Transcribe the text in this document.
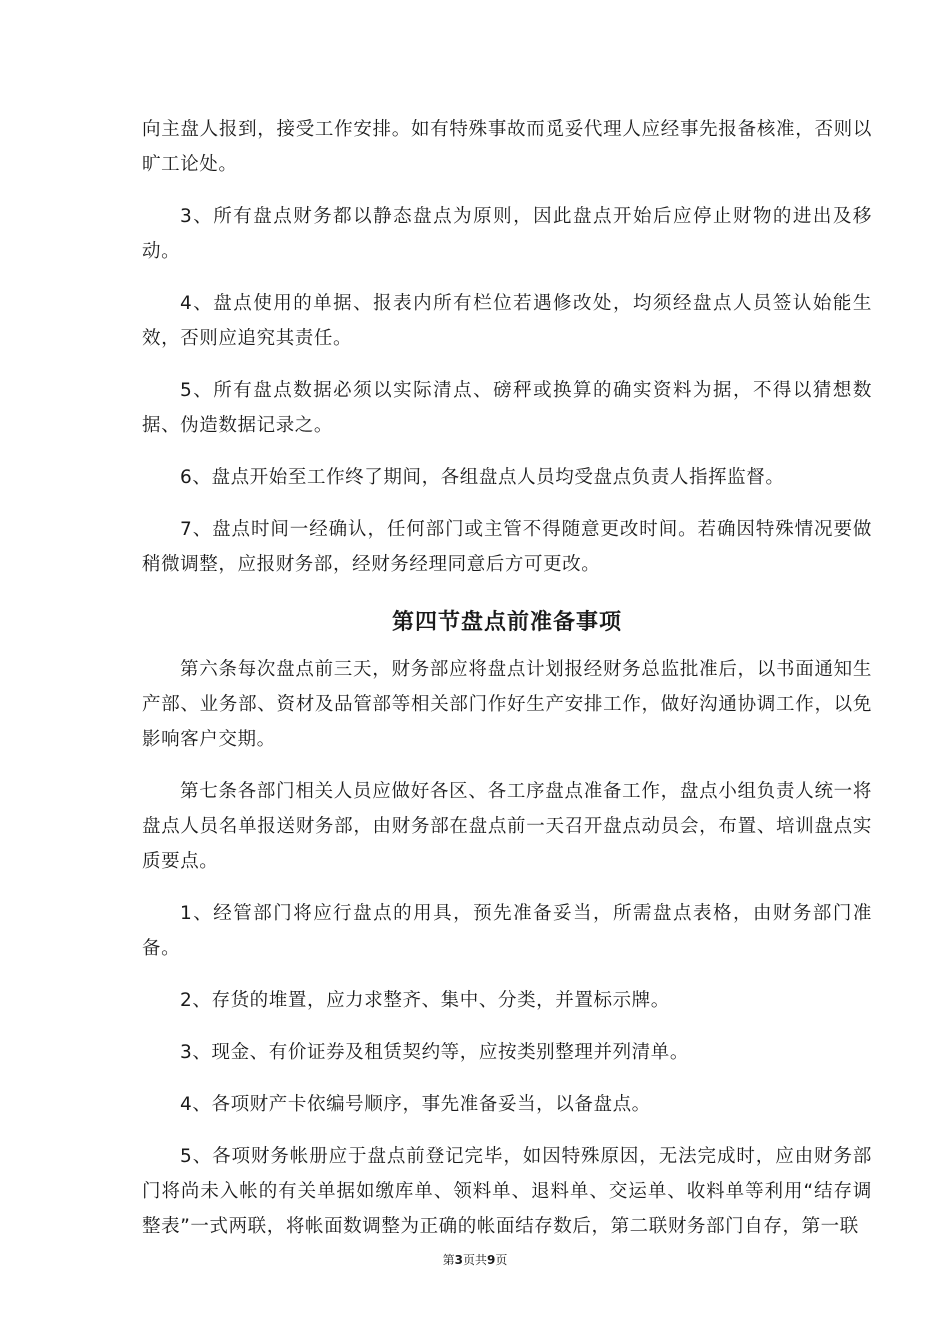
向主盘人报到，接受工作安排。如有特殊事故而觅妥代理人应经事先报备核准，否则以旷工论处。

3、所有盘点财务都以静态盘点为原则，因此盘点开始后应停止财物的进出及移动。

4、盘点使用的单据、报表内所有栏位若遇修改处，均须经盘点人员签认始能生效，否则应追究其责任。

5、所有盘点数据必须以实际清点、磅秤或换算的确实资料为据，不得以猜想数据、伪造数据记录之。

6、盘点开始至工作终了期间，各组盘点人员均受盘点负责人指挥监督。

7、盘点时间一经确认，任何部门或主管不得随意更改时间。若确因特殊情况要做稍微调整，应报财务部，经财务经理同意后方可更改。

第四节盘点前准备事项

第六条每次盘点前三天，财务部应将盘点计划报经财务总监批准后，以书面通知生产部、业务部、资材及品管部等相关部门作好生产安排工作，做好沟通协调工作，以免影响客户交期。

第七条各部门相关人员应做好各区、各工序盘点准备工作，盘点小组负责人统一将盘点人员名单报送财务部，由财务部在盘点前一天召开盘点动员会，布置、培训盘点实质要点。

1、经管部门将应行盘点的用具，预先准备妥当，所需盘点表格，由财务部门准备。

2、存货的堆置，应力求整齐、集中、分类，并置标示牌。

3、现金、有价证券及租赁契约等，应按类别整理并列清单。

4、各项财产卡依编号顺序，事先准备妥当，以备盘点。

5、各项财务帐册应于盘点前登记完毕，如因特殊原因，无法完成时，应由财务部门将尚未入帐的有关单据如缴库单、领料单、退料单、交运单、收料单等利用“结存调整表”一式两联，将帐面数调整为正确的帐面结存数后，第二联财务部门自存，第一联

第3页共9页
